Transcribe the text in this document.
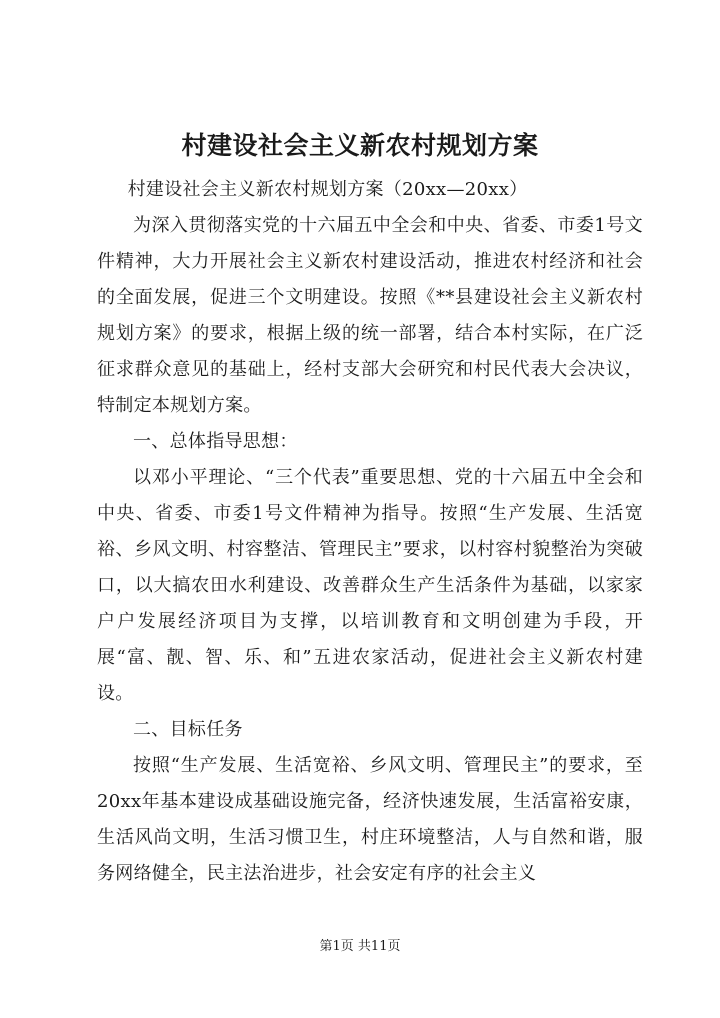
村建设社会主义新农村规划方案

村建设社会主义新农村规划方案（20xx—20xx）

为深入贯彻落实党的十六届五中全会和中央、省委、市委1号文件精神，大力开展社会主义新农村建设活动，推进农村经济和社会的全面发展，促进三个文明建设。按照《**县建设社会主义新农村规划方案》的要求，根据上级的统一部署，结合本村实际，在广泛征求群众意见的基础上，经村支部大会研究和村民代表大会决议，特制定本规划方案。

一、总体指导思想：

以邓小平理论、“三个代表”重要思想、党的十六届五中全会和中央、省委、市委1号文件精神为指导。按照“生产发展、生活宽裕、乡风文明、村容整洁、管理民主”要求，以村容村貌整治为突破口，以大搞农田水利建设、改善群众生产生活条件为基础，以家家户户发展经济项目为支撑，以培训教育和文明创建为手段，开展“富、靓、智、乐、和”五进农家活动，促进社会主义新农村建设。

二、目标任务

按照“生产发展、生活宽裕、乡风文明、管理民主”的要求，至20xx年基本建设成基础设施完备，经济快速发展，生活富裕安康，生活风尚文明，生活习惯卫生，村庄环境整洁，人与自然和谐，服务网络健全，民主法治进步，社会安定有序的社会主义

第1页 共11页
